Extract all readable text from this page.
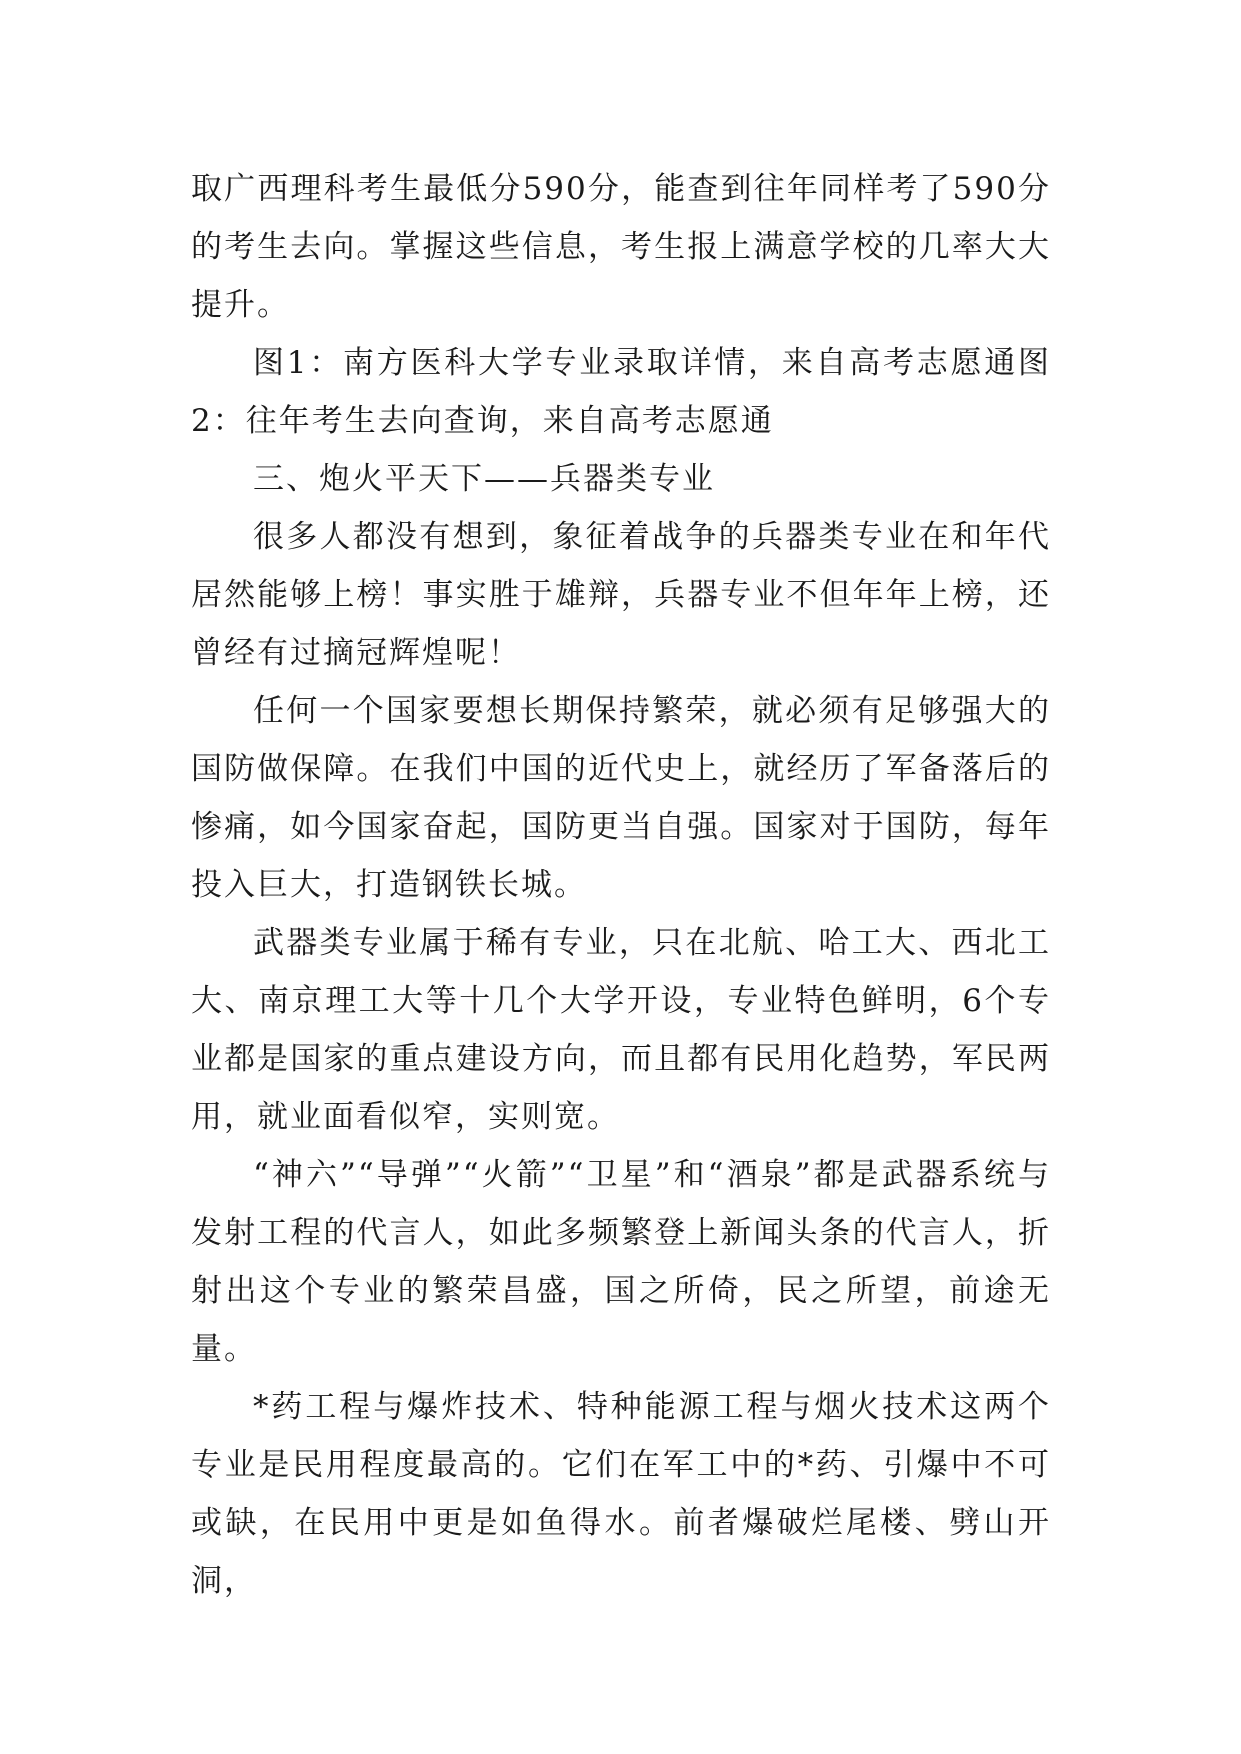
取广西理科考生最低分590分，能查到往年同样考了590分的考生去向。掌握这些信息，考生报上满意学校的几率大大提升。

图1：南方医科大学专业录取详情，来自高考志愿通图2：往年考生去向查询，来自高考志愿通

三、炮火平天下——兵器类专业

很多人都没有想到，象征着战争的兵器类专业在和年代居然能够上榜！事实胜于雄辩，兵器专业不但年年上榜，还曾经有过摘冠辉煌呢！

任何一个国家要想长期保持繁荣，就必须有足够强大的国防做保障。在我们中国的近代史上，就经历了军备落后的惨痛，如今国家奋起，国防更当自强。国家对于国防，每年投入巨大，打造钢铁长城。

武器类专业属于稀有专业，只在北航、哈工大、西北工大、南京理工大等十几个大学开设，专业特色鲜明，6个专业都是国家的重点建设方向，而且都有民用化趋势，军民两用，就业面看似窄，实则宽。

“神六”“导弹”“火箭”“卫星”和“酒泉”都是武器系统与发射工程的代言人，如此多频繁登上新闻头条的代言人，折射出这个专业的繁荣昌盛，国之所倚，民之所望，前途无量。

*药工程与爆炸技术、特种能源工程与烟火技术这两个专业是民用程度最高的。它们在军工中的*药、引爆中不可或缺，在民用中更是如鱼得水。前者爆破烂尾楼、劈山开洞，
